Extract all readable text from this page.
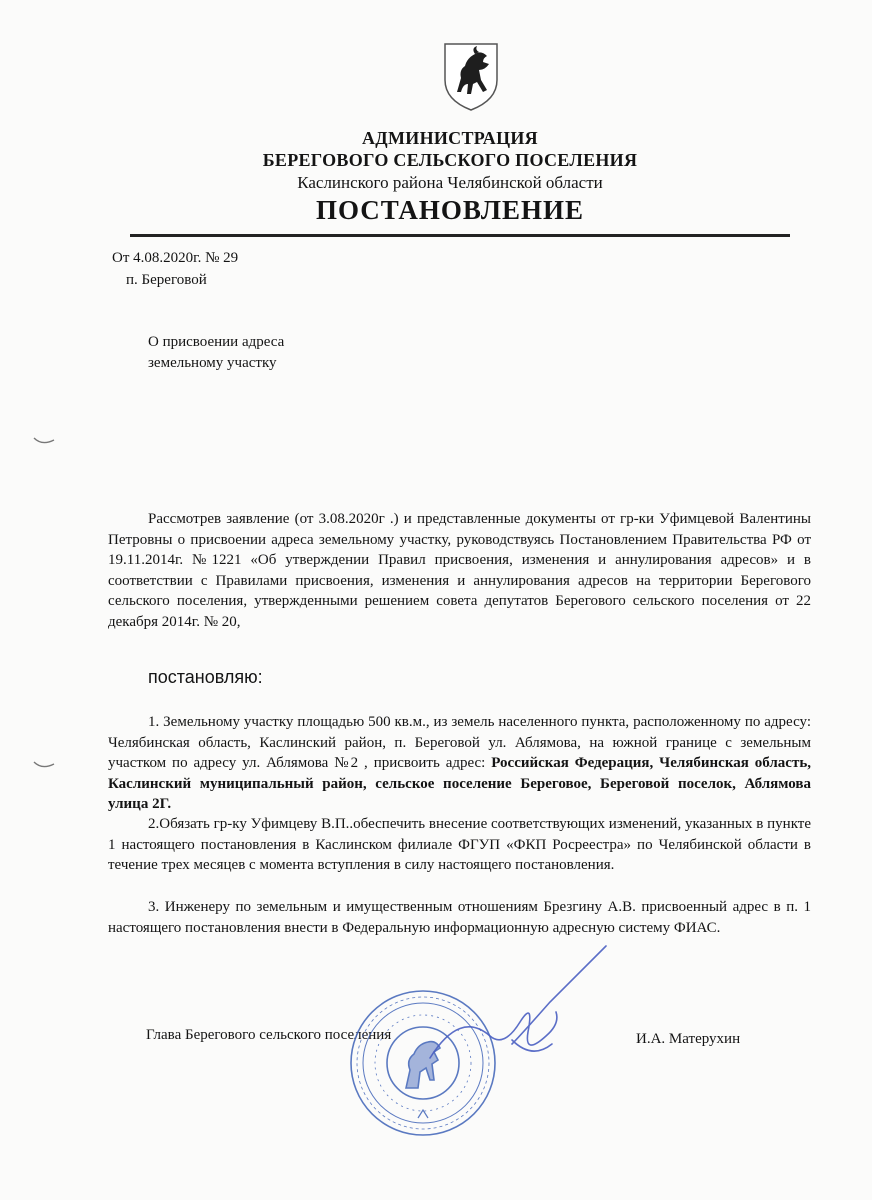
АДМИНИСТРАЦИЯ
БЕРЕГОВОГО СЕЛЬСКОГО ПОСЕЛЕНИЯ
Каслинского района Челябинской области
ПОСТАНОВЛЕНИЕ
От 4.08.2020г. № 29
п. Береговой
О присвоении адреса
земельному участку
Рассмотрев заявление (от 3.08.2020г .) и представленные документы от гр-ки Уфимцевой Валентины Петровны о присвоении адреса земельному участку, руководствуясь Постановлением Правительства РФ от 19.11.2014г. №1221 «Об утверждении Правил присвоения, изменения и аннулирования адресов» и в соответствии с Правилами присвоения, изменения и аннулирования адресов на территории Берегового сельского поселения, утвержденными решением совета депутатов Берегового сельского поселения от 22 декабря 2014г. № 20,
постановляю:
1. Земельному участку площадью 500 кв.м., из земель населенного пункта, расположенному по адресу: Челябинская область, Каслинский район, п. Береговой ул. Аблямова, на южной границе с земельным участком по адресу ул. Аблямова №2 , присвоить адрес: Российская Федерация, Челябинская область, Каслинский муниципальный район, сельское поселение Береговое, Береговой поселок, Аблямова улица 2Г.
2.Обязать гр-ку Уфимцеву В.П..обеспечить внесение соответствующих изменений, указанных в пункте 1 настоящего постановления в Каслинском филиале ФГУП «ФКП Росреестра» по Челябинской области в течение трех месяцев с момента вступления в силу настоящего постановления.
3. Инженеру по земельным и имущественным отношениям Брезгину А.В. присвоенный адрес в п. 1 настоящего постановления внести в Федеральную информационную адресную систему ФИАС.
Глава Берегового сельского поселения	И.А. Матерухин
